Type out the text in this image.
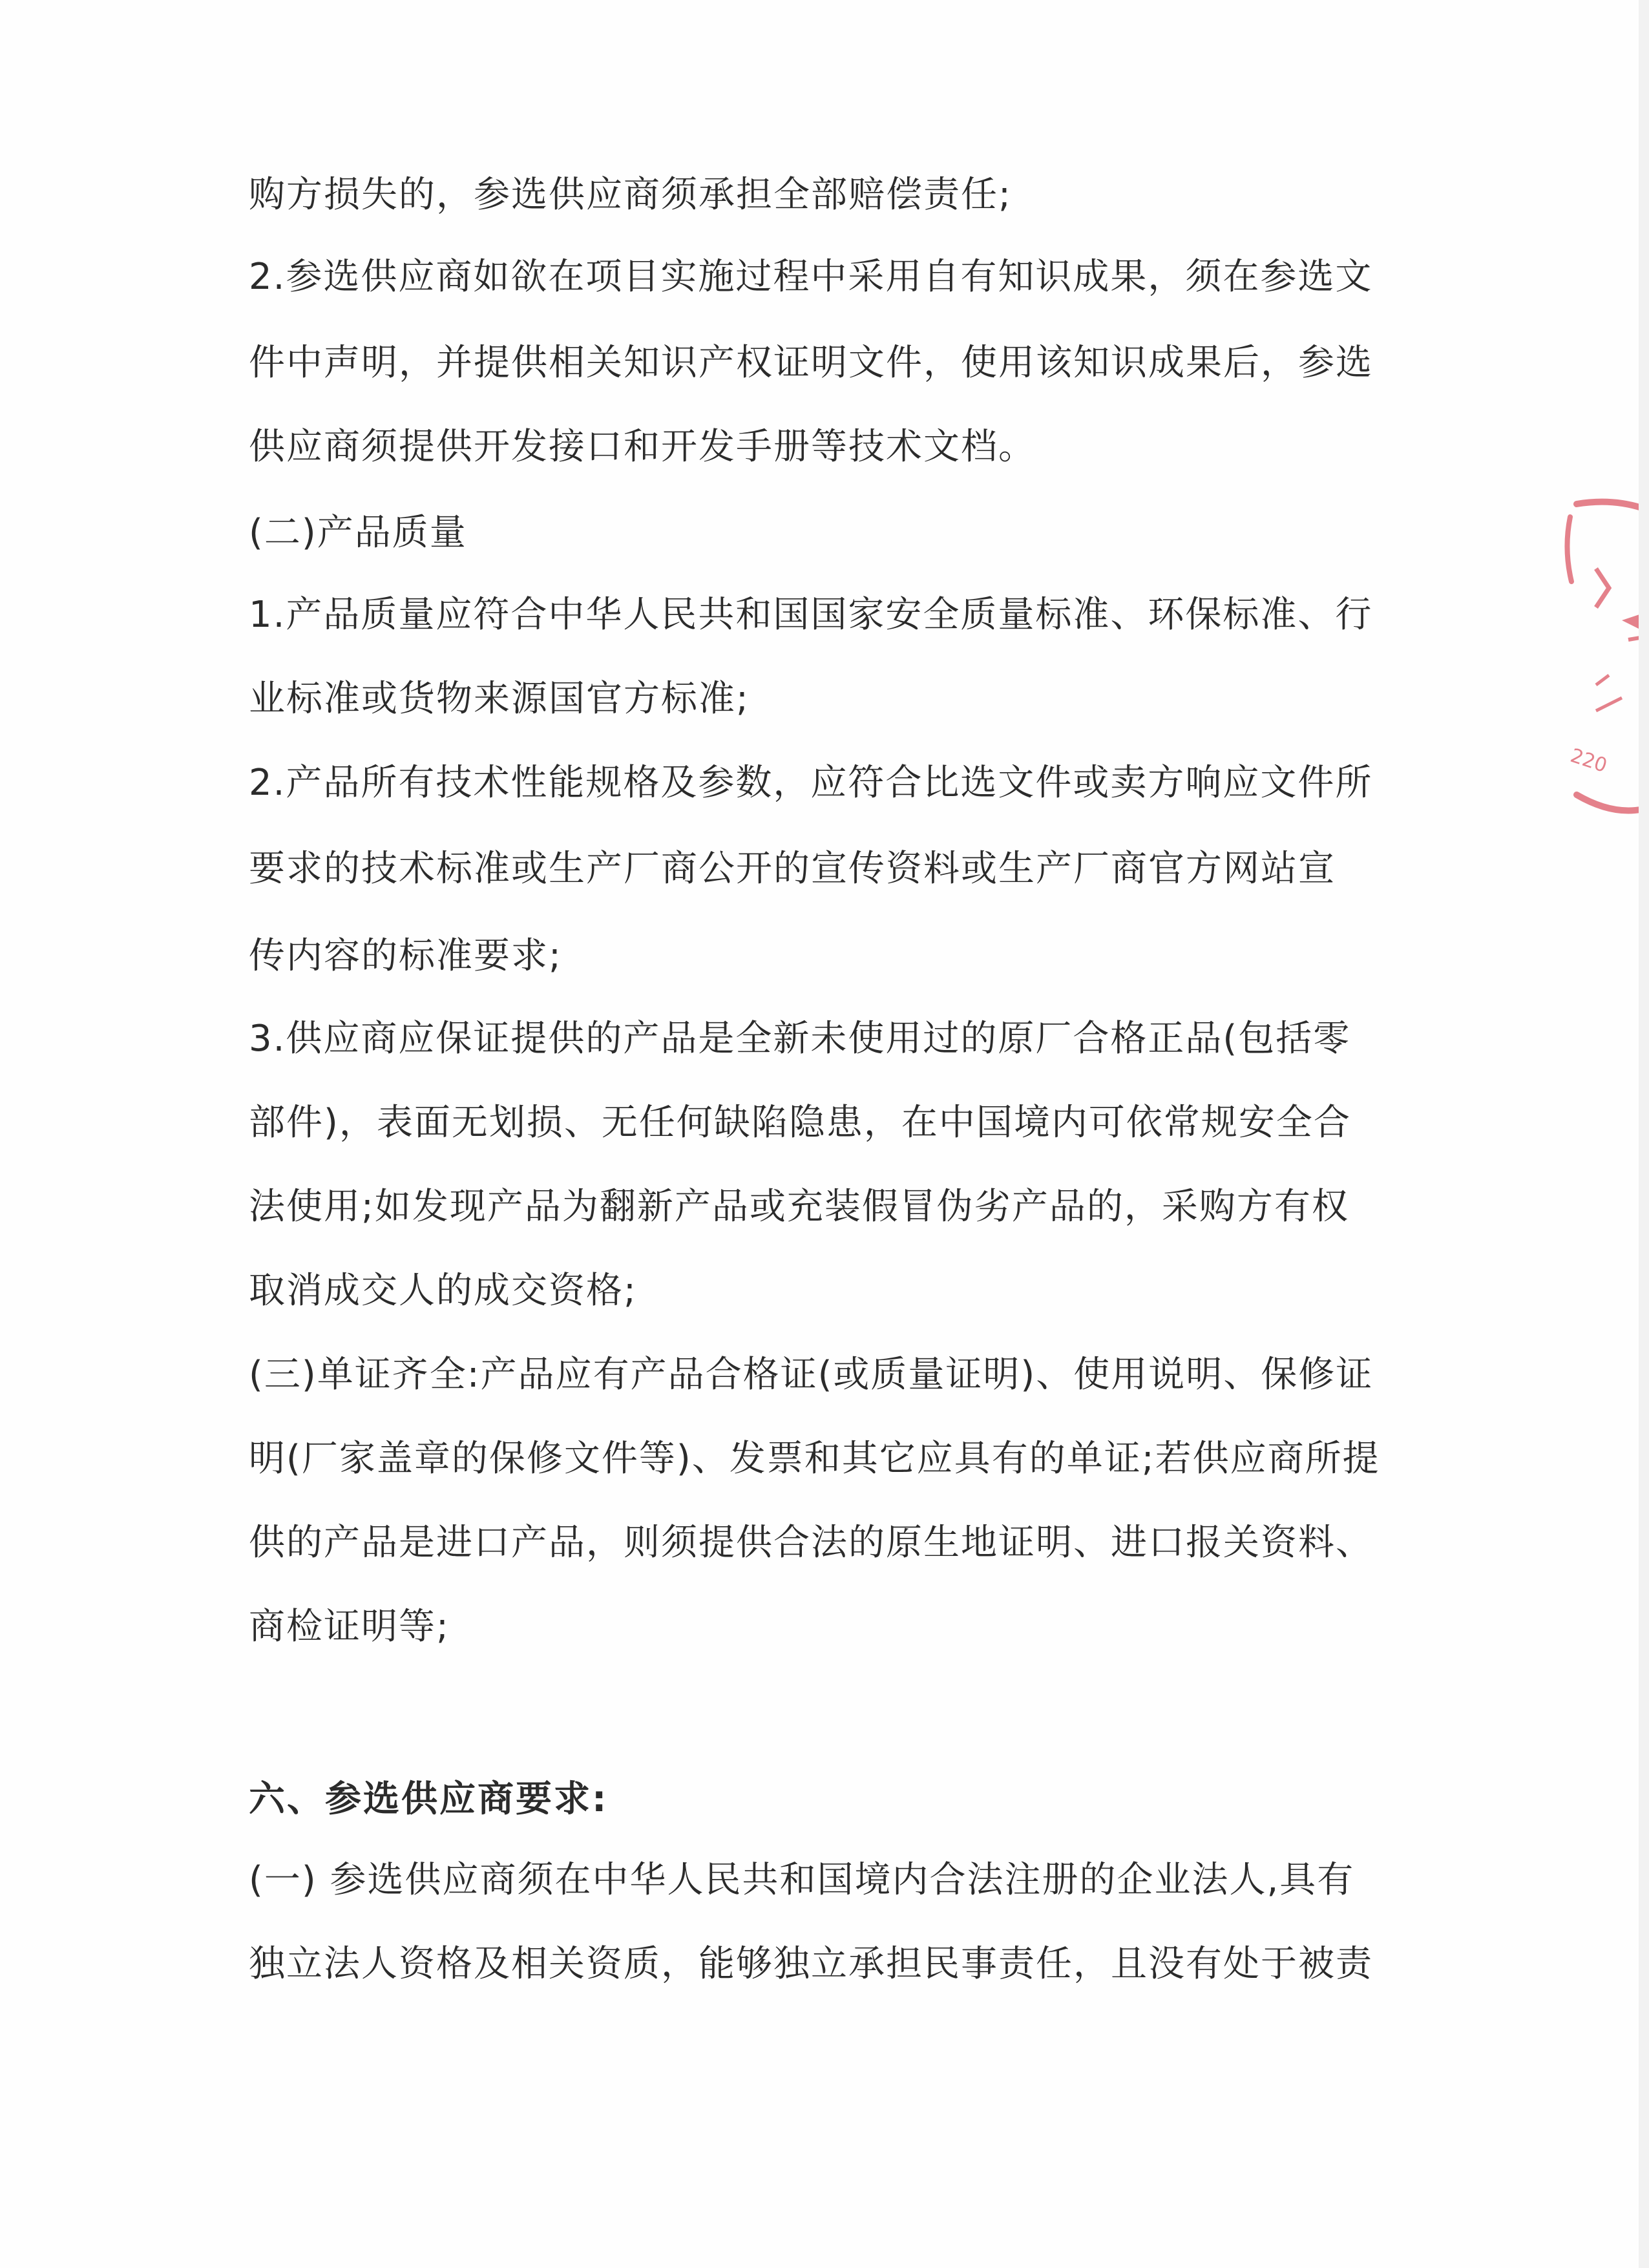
购方损失的，参选供应商须承担全部赔偿责任;

2.参选供应商如欲在项目实施过程中采用自有知识成果，须在参选文

件中声明，并提供相关知识产权证明文件，使用该知识成果后，参选

供应商须提供开发接口和开发手册等技术文档。

(二)产品质量

1.产品质量应符合中华人民共和国国家安全质量标准、环保标准、行

业标准或货物来源国官方标准;

2.产品所有技术性能规格及参数，应符合比选文件或卖方响应文件所

要求的技术标准或生产厂商公开的宣传资料或生产厂商官方网站宣

传内容的标准要求;

3.供应商应保证提供的产品是全新未使用过的原厂合格正品(包括零

部件)，表面无划损、无任何缺陷隐患，在中国境内可依常规安全合

法使用;如发现产品为翻新产品或充装假冒伪劣产品的，采购方有权

取消成交人的成交资格;

(三)单证齐全:产品应有产品合格证(或质量证明)、使用说明、保修证

明(厂家盖章的保修文件等)、发票和其它应具有的单证;若供应商所提

供的产品是进口产品，则须提供合法的原生地证明、进口报关资料、

商检证明等;

六、参选供应商要求:

(一) 参选供应商须在中华人民共和国境内合法注册的企业法人,具有

独立法人资格及相关资质，能够独立承担民事责任，且没有处于被责

220
